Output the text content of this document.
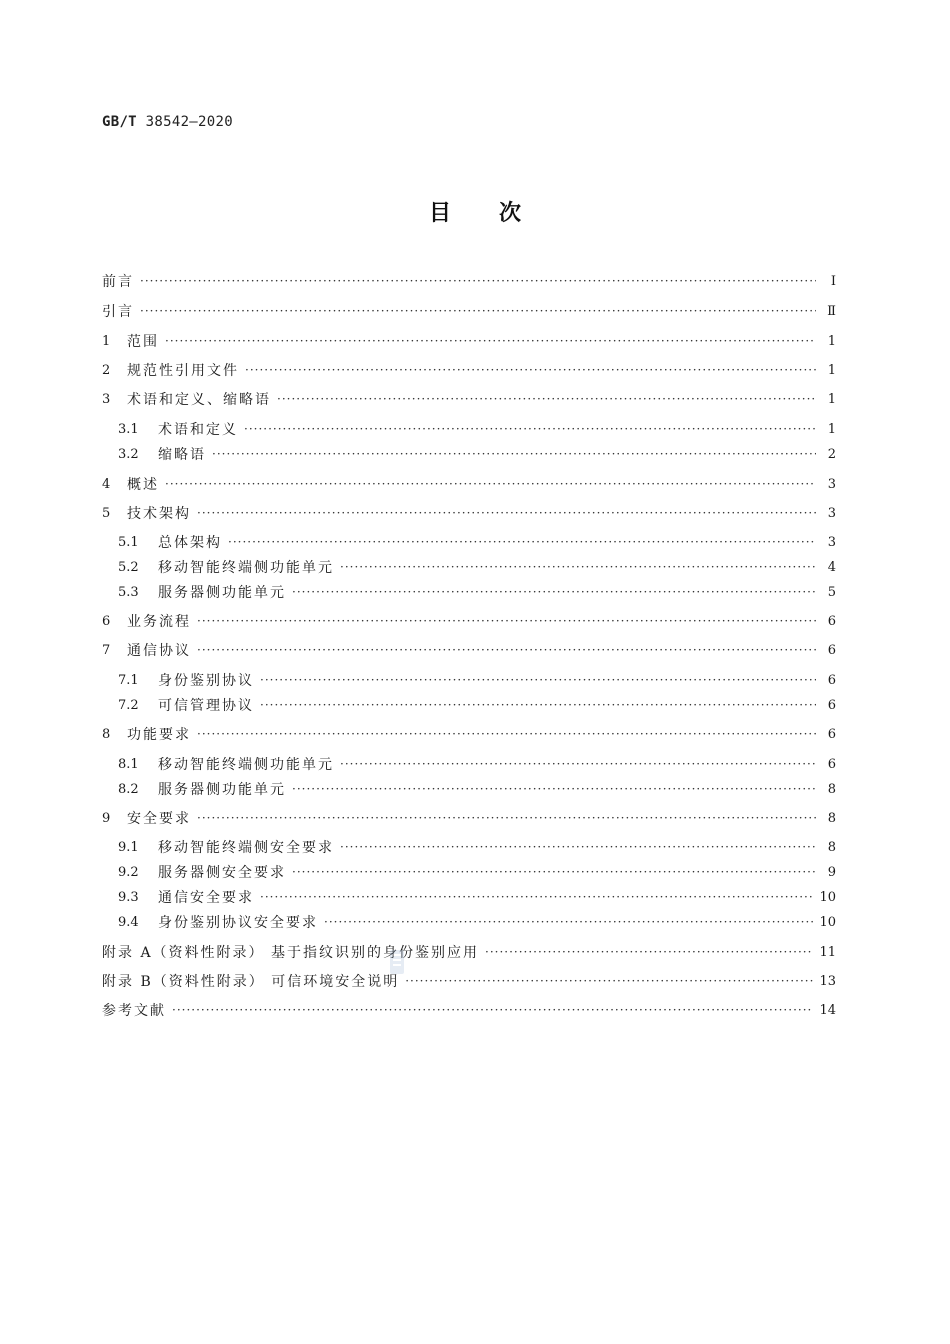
GB/T 38542—2020
目次
前言 ·····	Ⅰ
引言 ·····	Ⅱ
1	范围 ·····	1
2	规范性引用文件 ·····	1
3	术语和定义、缩略语 ·····	1
3.1	术语和定义 ·····	1
3.2	缩略语 ·····	2
4	概述 ·····	3
5	技术架构 ·····	3
5.1	总体架构 ·····	3
5.2	移动智能终端侧功能单元 ·····	4
5.3	服务器侧功能单元 ·····	5
6	业务流程 ·····	6
7	通信协议 ·····	6
7.1	身份鉴别协议 ·····	6
7.2	可信管理协议 ·····	6
8	功能要求 ·····	6
8.1	移动智能终端侧功能单元 ·····	6
8.2	服务器侧功能单元 ·····	8
9	安全要求 ·····	8
9.1	移动智能终端侧安全要求 ·····	8
9.2	服务器侧安全要求 ·····	9
9.3	通信安全要求 ·····	10
9.4	身份鉴别协议安全要求 ·····	10
附录 A（资料性附录） 基于指纹识别的身份鉴别应用 ·····	11
附录 B（资料性附录） 可信环境安全说明 ·····	13
参考文献 ·····	14
